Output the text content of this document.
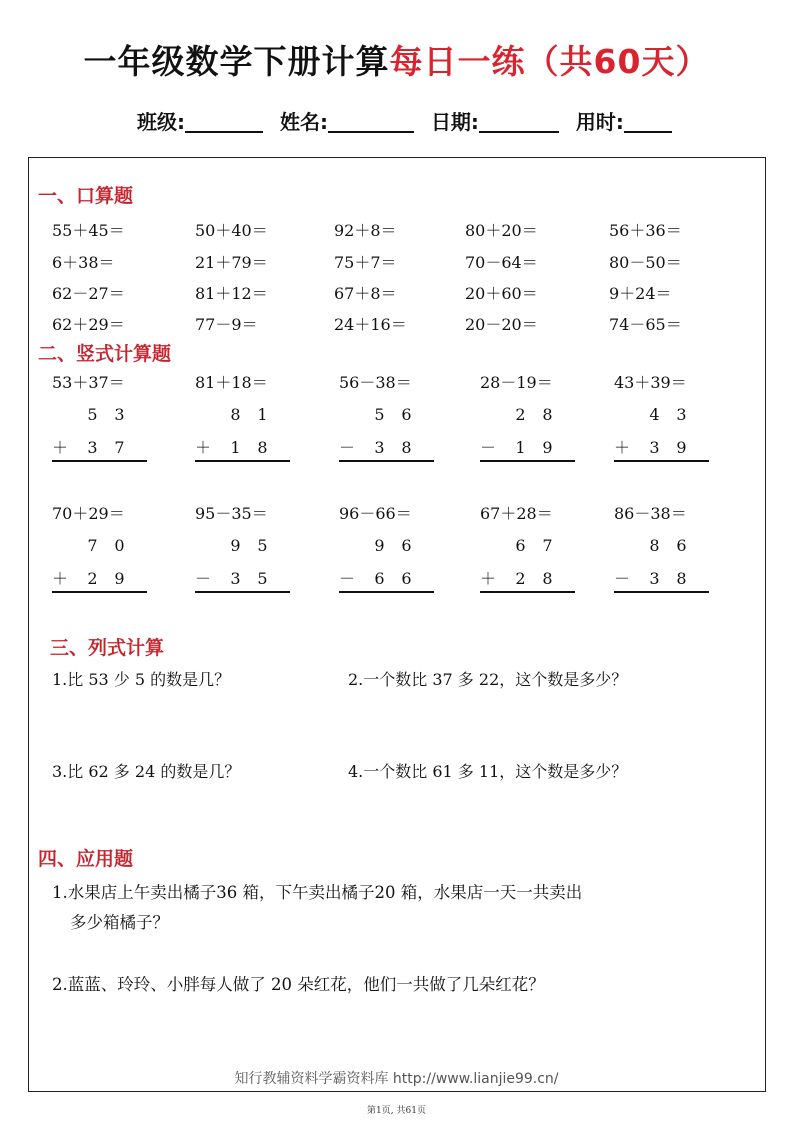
一年级数学下册计算每日一练（共60天）
班级:	姓名:	日期:	用时:
一、口算题
二、竖式计算题
三、列式计算
四、应用题
55＋45＝	50＋40＝	92＋8＝	80＋20＝	56＋36＝
6＋38＝	21＋79＝	75＋7＝	70－64＝	80－50＝
62－27＝	81＋12＝	67＋8＝	20＋60＝	9＋24＝
62＋29＝	77－9＝	24＋16＝	20－20＝	74－65＝
53＋37＝
5 3
＋ 3 7
81＋18＝
8 1
＋ 1 8
56－38＝
5 6
－ 3 8
28－19＝
2 8
－ 1 9
43＋39＝
4 3
＋ 3 9
70＋29＝
7 0
＋ 2 9
95－35＝
9 5
－ 3 5
96－66＝
9 6
－ 6 6
67＋28＝
6 7
＋ 2 8
86－38＝
8 6
－ 3 8
1.比 53 少 5 的数是几？	2.一个数比 37 多 22，这个数是多少？
3.比 62 多 24 的数是几？	4.一个数比 61 多 11，这个数是多少？
1.水果店上午卖出橘子36 箱，下午卖出橘子20 箱，水果店一天一共卖出
多少箱橘子？
2.蓝蓝、玲玲、小胖每人做了 20 朵红花，他们一共做了几朵红花？
知行教辅资料学霸资料库 http://www.lianjie99.cn/
第1页, 共61页
